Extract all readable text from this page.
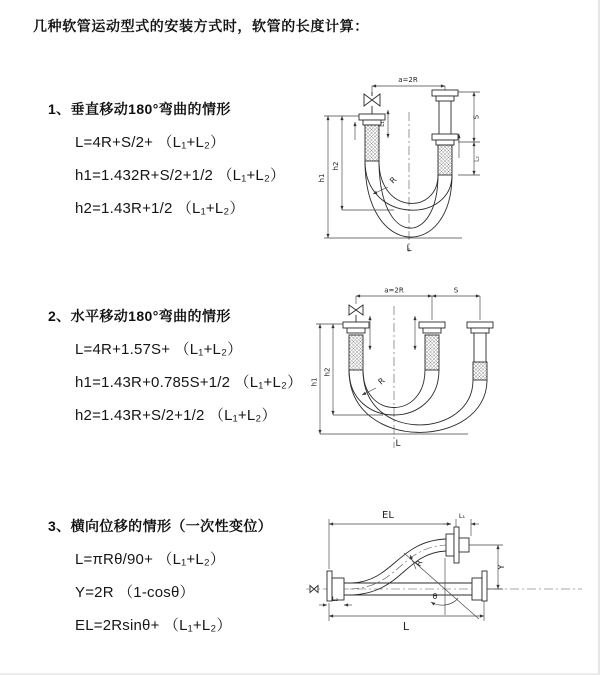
几种软管运动型式的安装方式时，软管的长度计算：
1、垂直移动180°弯曲的情形
L=4R+S/2+ （L₁+L₂）
h1=1.432R+S/2+1/2 （L₁+L₂）
h2=1.43R+1/2 （L₁+L₂）
a=2R
L₁
h1
h2
S
L₂
R
L
2、水平移动180°弯曲的情形
L=4R+1.57S+ （L₁+L₂）
h1=1.43R+0.785S+1/2 （L₁+L₂）
h2=1.43R+S/2+1/2 （L₁+L₂）
a=2R	S
h1
h2
R
L
3、横向位移的情形（一次性变位）
L=πRθ/90+ （L₁+L₂）
Y=2R （1-cosθ）
EL=2Rsinθ+ （L₁+L₂）
EL	L₁
Y
θ
R
L₂
L
